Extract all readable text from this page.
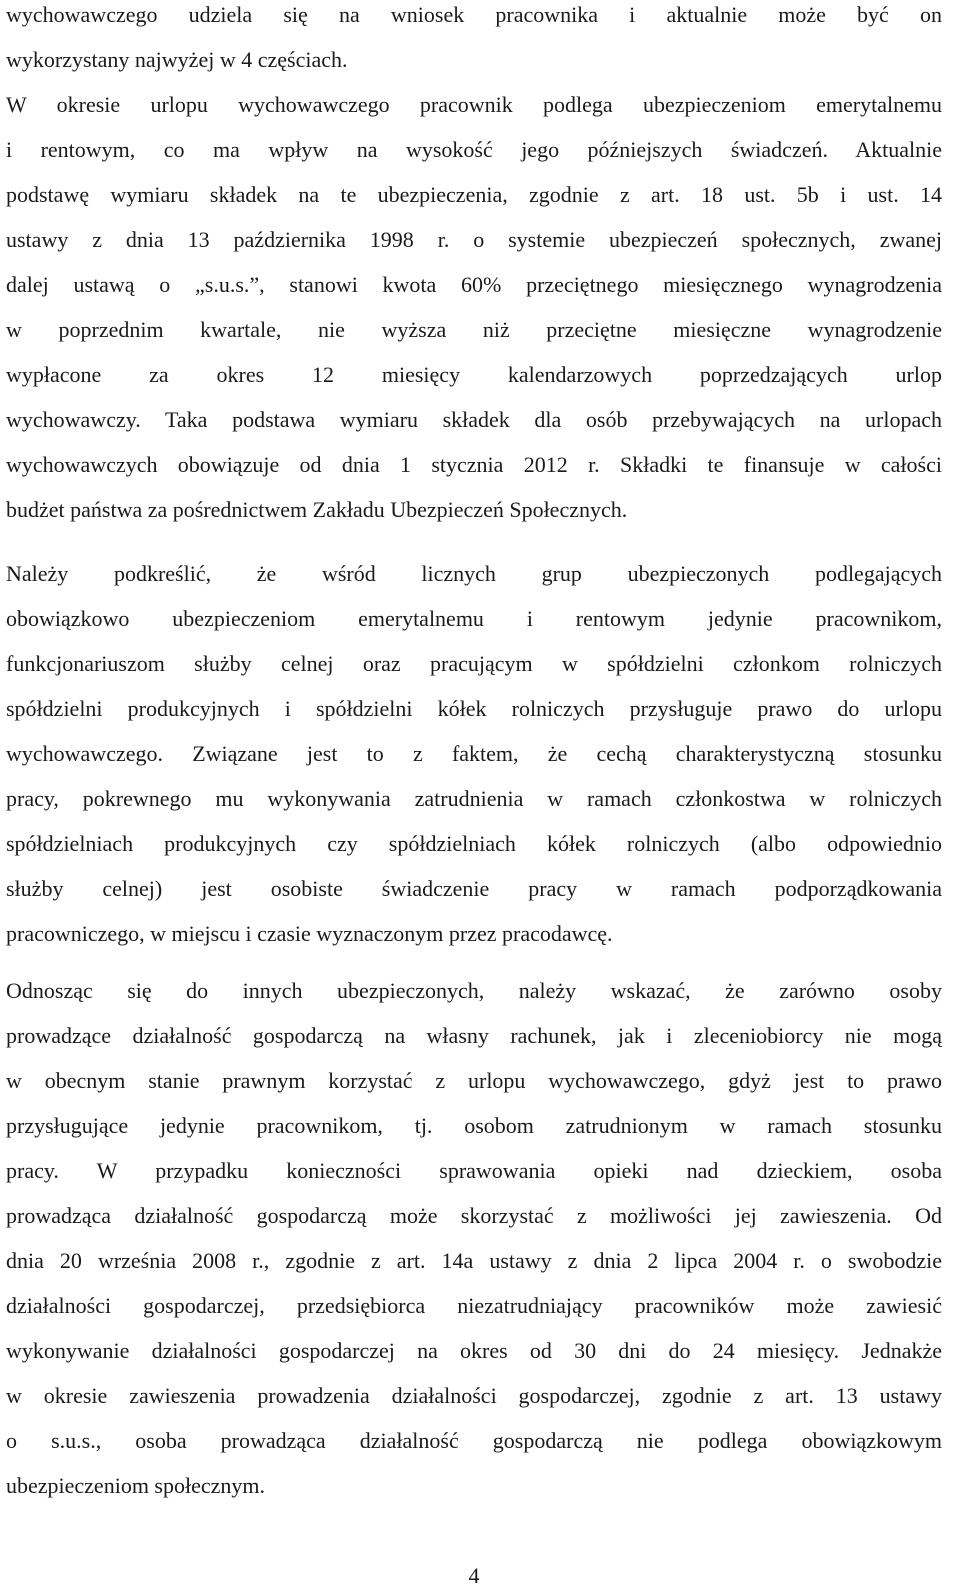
wychowawczego udziela się na wniosek pracownika i aktualnie może być on
wykorzystany najwyżej w 4 częściach.
W okresie urlopu wychowawczego pracownik podlega ubezpieczeniom emerytalnemu
i rentowym, co ma wpływ na wysokość jego późniejszych świadczeń. Aktualnie
podstawę wymiaru składek na te ubezpieczenia, zgodnie z art. 18 ust. 5b i ust. 14
ustawy z dnia 13 października 1998 r. o systemie ubezpieczeń społecznych, zwanej
dalej ustawą o „s.u.s.”, stanowi kwota 60% przeciętnego miesięcznego wynagrodzenia
w poprzednim kwartale, nie wyższa niż przeciętne miesięczne wynagrodzenie
wypłacone za okres 12 miesięcy kalendarzowych poprzedzających urlop
wychowawczy. Taka podstawa wymiaru składek dla osób przebywających na urlopach
wychowawczych obowiązuje od dnia 1 stycznia 2012 r. Składki te finansuje w całości
budżet państwa za pośrednictwem Zakładu Ubezpieczeń Społecznych.
Należy podkreślić, że wśród licznych grup ubezpieczonych podlegających
obowiązkowo ubezpieczeniom emerytalnemu i rentowym jedynie pracownikom,
funkcjonariuszom służby celnej oraz pracującym w spółdzielni członkom rolniczych
spółdzielni produkcyjnych i spółdzielni kółek rolniczych przysługuje prawo do urlopu
wychowawczego. Związane jest to z faktem, że cechą charakterystyczną stosunku
pracy, pokrewnego mu wykonywania zatrudnienia w ramach członkostwa w rolniczych
spółdzielniach produkcyjnych czy spółdzielniach kółek rolniczych (albo odpowiednio
służby celnej) jest osobiste świadczenie pracy w ramach podporządkowania
pracowniczego, w miejscu i czasie wyznaczonym przez pracodawcę.
Odnosząc się do innych ubezpieczonych, należy wskazać, że zarówno osoby
prowadzące działalność gospodarczą na własny rachunek, jak i zleceniobiorcy nie mogą
w obecnym stanie prawnym korzystać z urlopu wychowawczego, gdyż jest to prawo
przysługujące jedynie pracownikom, tj. osobom zatrudnionym w ramach stosunku
pracy. W przypadku konieczności sprawowania opieki nad dzieckiem, osoba
prowadząca działalność gospodarczą może skorzystać z możliwości jej zawieszenia. Od
dnia 20 września 2008 r., zgodnie z art. 14a ustawy z dnia 2 lipca 2004 r. o swobodzie
działalności gospodarczej, przedsiębiorca niezatrudniający pracowników może zawiesić
wykonywanie działalności gospodarczej na okres od 30 dni do 24 miesięcy. Jednakże
w okresie zawieszenia prowadzenia działalności gospodarczej, zgodnie z art. 13 ustawy
o s.u.s., osoba prowadząca działalność gospodarczą nie podlega obowiązkowym
ubezpieczeniom społecznym.
4
